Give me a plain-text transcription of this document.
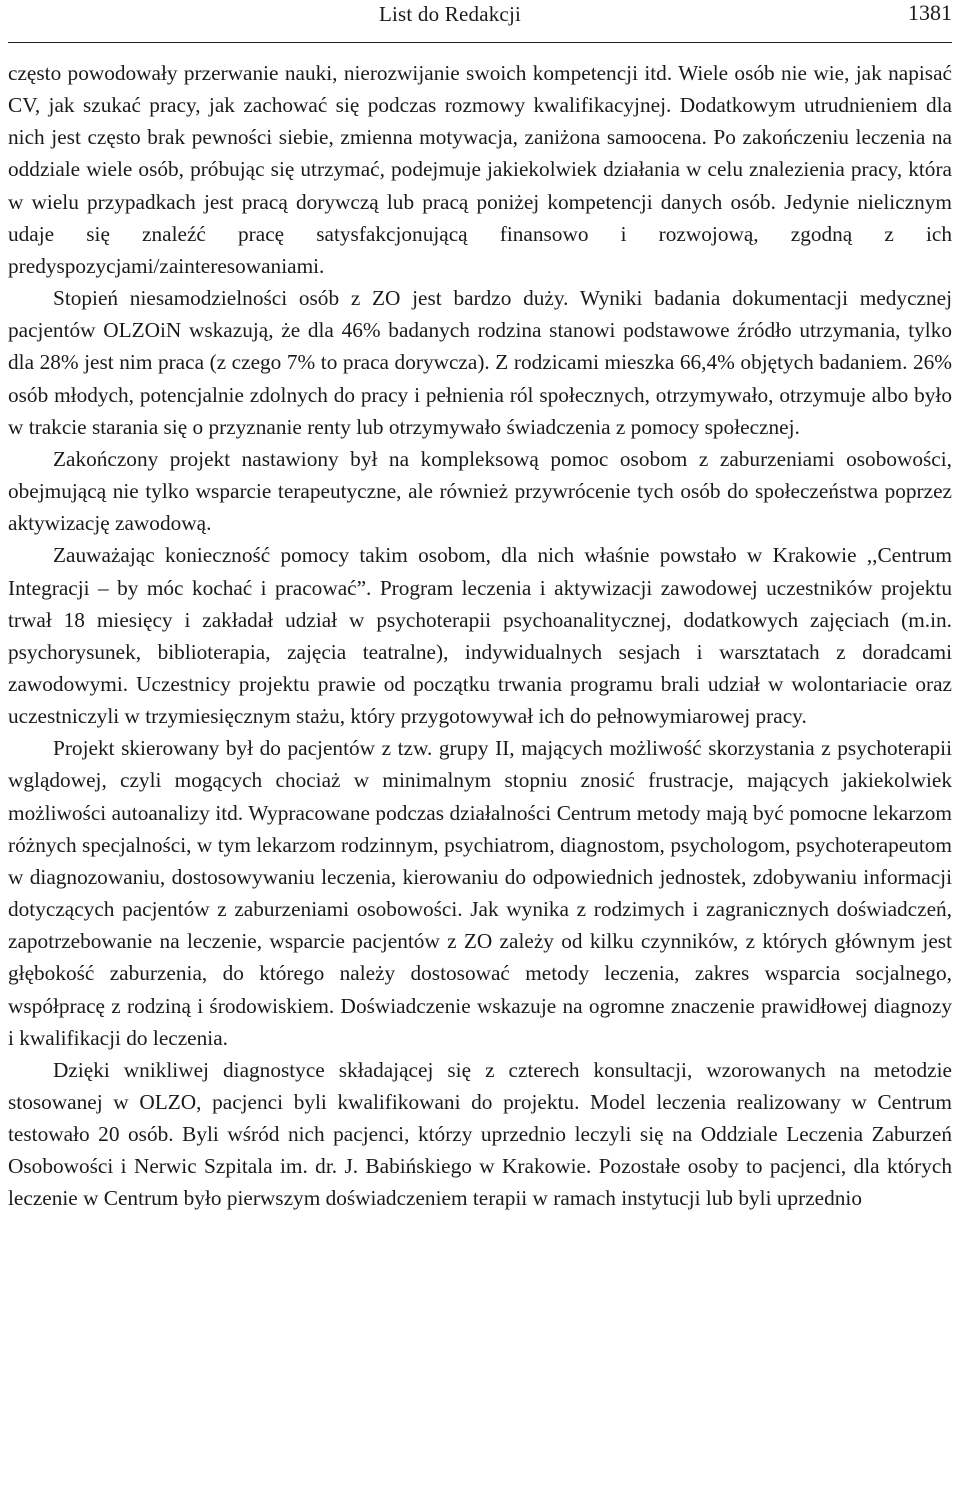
List do Redakcji	1381

często powodowały przerwanie nauki, nierozwijanie swoich kompetencji itd. Wiele osób nie wie, jak napisać CV, jak szukać pracy, jak zachować się podczas rozmowy kwalifikacyjnej. Dodatkowym utrudnieniem dla nich jest często brak pewności siebie, zmienna motywacja, zaniżona samoocena. Po zakończeniu leczenia na oddziale wiele osób, próbując się utrzymać, podejmuje jakiekolwiek działania w celu znalezienia pracy, która w wielu przypadkach jest pracą dorywczą lub pracą poniżej kompetencji danych osób. Jedynie nielicznym udaje się znaleźć pracę satysfakcjonującą finansowo i rozwojową, zgodną z ich predyspozycjami/zainteresowaniami.

Stopień niesamodzielności osób z ZO jest bardzo duży. Wyniki badania dokumentacji medycznej pacjentów OLZOiN wskazują, że dla 46% badanych rodzina stanowi podstawowe źródło utrzymania, tylko dla 28% jest nim praca (z czego 7% to praca dorywcza). Z rodzicami mieszka 66,4% objętych badaniem. 26% osób młodych, potencjalnie zdolnych do pracy i pełnienia ról społecznych, otrzymywało, otrzymuje albo było w trakcie starania się o przyznanie renty lub otrzymywało świadczenia z pomocy społecznej.

Zakończony projekt nastawiony był na kompleksową pomoc osobom z zaburzeniami osobowości, obejmującą nie tylko wsparcie terapeutyczne, ale również przywrócenie tych osób do społeczeństwa poprzez aktywizację zawodową.

Zauważając konieczność pomocy takim osobom, dla nich właśnie powstało w Krakowie ,,Centrum Integracji – by móc kochać i pracować”. Program leczenia i aktywizacji zawodowej uczestników projektu trwał 18 miesięcy i zakładał udział w psychoterapii psychoanalitycznej, dodatkowych zajęciach (m.in. psychorysunek, biblioterapia, zajęcia teatralne), indywidualnych sesjach i warsztatach z doradcami zawodowymi. Uczestnicy projektu prawie od początku trwania programu brali udział w wolontariacie oraz uczestniczyli w trzymiesięcznym stażu, który przygotowywał ich do pełnowymiarowej pracy.

Projekt skierowany był do pacjentów z tzw. grupy II, mających możliwość skorzystania z psychoterapii wglądowej, czyli mogących chociaż w minimalnym stopniu znosić frustracje, mających jakiekolwiek możliwości autoanalizy itd. Wypracowane podczas działalności Centrum metody mają być pomocne lekarzom różnych specjalności, w tym lekarzom rodzinnym, psychiatrom, diagnostom, psychologom, psychoterapeutom w diagnozowaniu, dostosowywaniu leczenia, kierowaniu do odpowiednich jednostek, zdobywaniu informacji dotyczących pacjentów z zaburzeniami osobowości. Jak wynika z rodzimych i zagranicznych doświadczeń, zapotrzebowanie na leczenie, wsparcie pacjentów z ZO zależy od kilku czynników, z których głównym jest głębokość zaburzenia, do którego należy dostosować metody leczenia, zakres wsparcia socjalnego, współpracę z rodziną i środowiskiem. Doświadczenie wskazuje na ogromne znaczenie prawidłowej diagnozy i kwalifikacji do leczenia.

Dzięki wnikliwej diagnostyce składającej się z czterech konsultacji, wzorowanych na metodzie stosowanej w OLZO, pacjenci byli kwalifikowani do projektu. Model leczenia realizowany w Centrum testowało 20 osób. Byli wśród nich pacjenci, którzy uprzednio leczyli się na Oddziale Leczenia Zaburzeń Osobowości i Nerwic Szpitala im. dr. J. Babińskiego w Krakowie. Pozostałe osoby to pacjenci, dla których leczenie w Centrum było pierwszym doświadczeniem terapii w ramach instytucji lub byli uprzednio
